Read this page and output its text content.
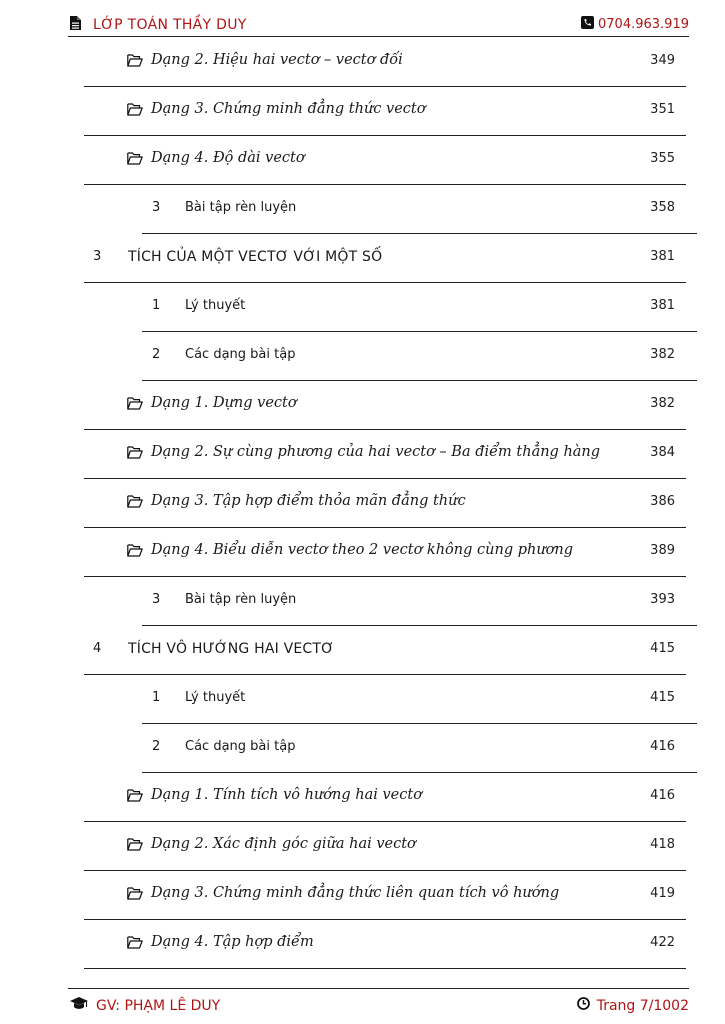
LỚP TOÁN THẦY DUY	0704.963.919
Dạng 2. Hiệu hai vectơ – vectơ đối	349
Dạng 3. Chứng minh đẳng thức vectơ	351
Dạng 4. Độ dài vectơ	355
3 Bài tập rèn luyện	358
3 TÍCH CỦA MỘT VECTƠ VỚI MỘT SỐ	381
1 Lý thuyết	381
2 Các dạng bài tập	382
Dạng 1. Dựng vectơ	382
Dạng 2. Sự cùng phương của hai vectơ – Ba điểm thẳng hàng	384
Dạng 3. Tập hợp điểm thỏa mãn đẳng thức	386
Dạng 4. Biểu diễn vectơ theo 2 vectơ không cùng phương	389
3 Bài tập rèn luyện	393
4 TÍCH VÔ HƯỚNG HAI VECTƠ	415
1 Lý thuyết	415
2 Các dạng bài tập	416
Dạng 1. Tính tích vô hướng hai vectơ	416
Dạng 2. Xác định góc giữa hai vectơ	418
Dạng 3. Chứng minh đẳng thức liên quan tích vô hướng	419
Dạng 4. Tập hợp điểm	422
GV: PHẠM LÊ DUY	Trang 7/1002
